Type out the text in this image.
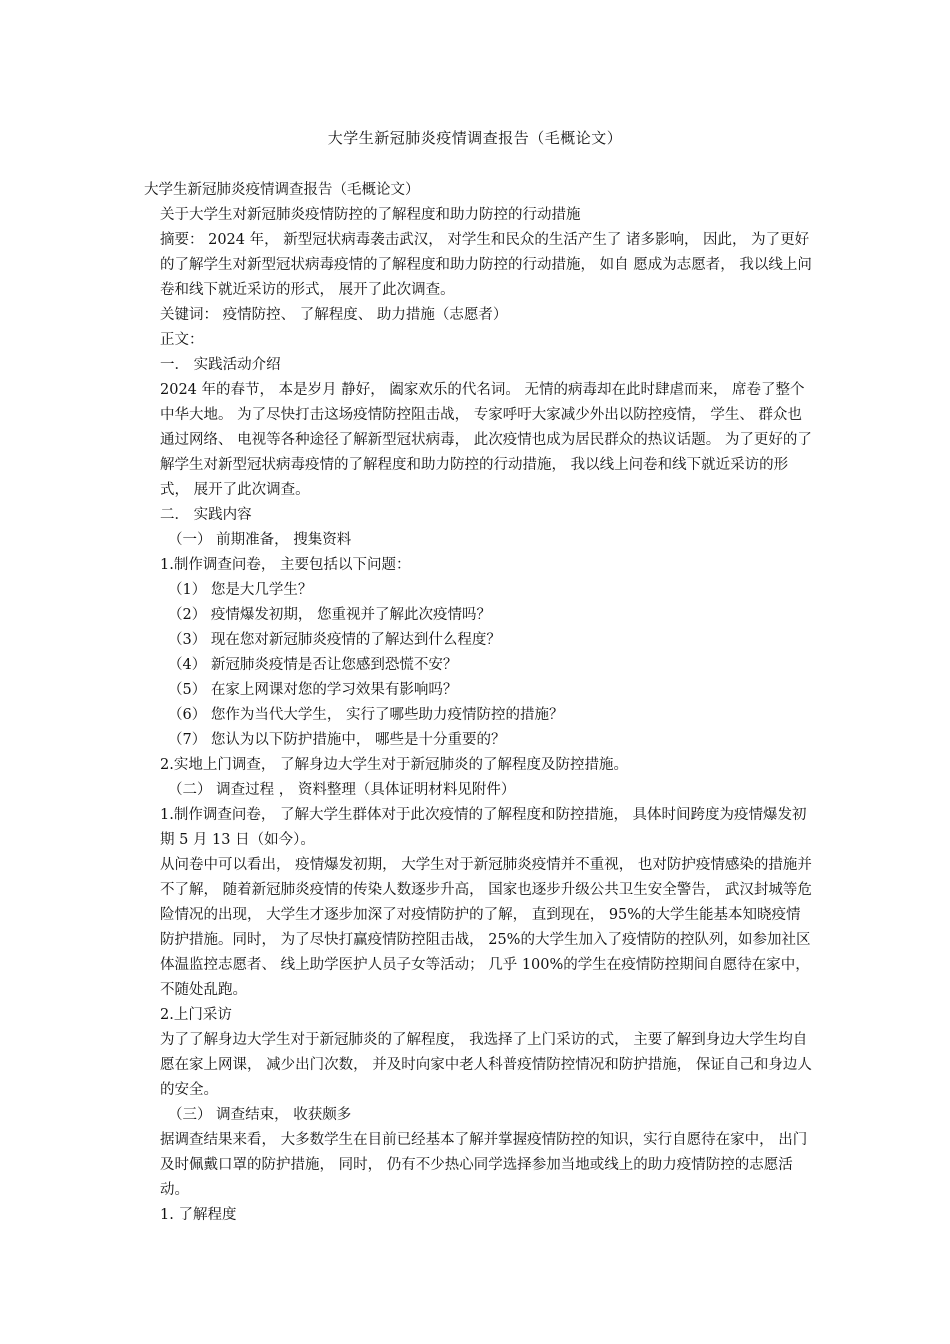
大学生新冠肺炎疫情调查报告（毛概论文）

大学生新冠肺炎疫情调查报告（毛概论文）

关于大学生对新冠肺炎疫情防控的了解程度和助力防控的行动措施

摘要： 2024 年， 新型冠状病毒袭击武汉， 对学生和民众的生活产生了 诸多影响， 因此， 为了更好的了解学生对新型冠状病毒疫情的了解程度和助力防控的行动措施， 如自 愿成为志愿者， 我以线上问卷和线下就近采访的形式， 展开了此次调查。

关键词： 疫情防控、 了解程度、 助力措施（志愿者）

正文：

一． 实践活动介绍

2024 年的春节， 本是岁月 静好， 阖家欢乐的代名词。 无情的病毒却在此时肆虐而来， 席卷了整个中华大地。 为了尽快打击这场疫情防控阻击战， 专家呼吁大家减少外出以防控疫情， 学生、 群众也通过网络、 电视等各种途径了解新型冠状病毒， 此次疫情也成为居民群众的热议话题。 为了更好的了解学生对新型冠状病毒疫情的了解程度和助力防控的行动措施， 我以线上问卷和线下就近采访的形式， 展开了此次调查。

二． 实践内容

（一） 前期准备， 搜集资料

1.制作调查问卷， 主要包括以下问题：

（1） 您是大几学生？

（2） 疫情爆发初期， 您重视并了解此次疫情吗？

（3） 现在您对新冠肺炎疫情的了解达到什么程度？

（4） 新冠肺炎疫情是否让您感到恐慌不安？

（5） 在家上网课对您的学习效果有影响吗？

（6） 您作为当代大学生， 实行了哪些助力疫情防控的措施？

（7） 您认为以下防护措施中， 哪些是十分重要的？

2.实地上门调查， 了解身边大学生对于新冠肺炎的了解程度及防控措施。

（二） 调查过程 ， 资料整理（具体证明材料见附件）

1.制作调查问卷， 了解大学生群体对于此次疫情的了解程度和防控措施， 具体时间跨度为疫情爆发初期 5 月 13 日（如今）。

从问卷中可以看出， 疫情爆发初期， 大学生对于新冠肺炎疫情并不重视， 也对防护疫情感染的措施并不了解， 随着新冠肺炎疫情的传染人数逐步升高， 国家也逐步升级公共卫生安全警告， 武汉封城等危险情况的出现， 大学生才逐步加深了对疫情防护的了解， 直到现在， 95%的大学生能基本知晓疫情防护措施。同时， 为了尽快打赢疫情防控阻击战， 25%的大学生加入了疫情防的控队列，如参加社区体温监控志愿者、 线上助学医护人员子女等活动； 几乎 100%的学生在疫情防控期间自愿待在家中， 不随处乱跑。

2.上门采访

为了了解身边大学生对于新冠肺炎的了解程度， 我选择了上门采访的式， 主要了解到身边大学生均自愿在家上网课， 减少出门次数， 并及时向家中老人科普疫情防控情况和防护措施， 保证自己和身边人的安全。

（三） 调查结束， 收获颇多

据调查结果来看， 大多数学生在目前已经基本了解并掌握疫情防控的知识，实行自愿待在家中， 出门及时佩戴口罩的防护措施， 同时， 仍有不少热心同学选择参加当地或线上的助力疫情防控的志愿活动。

1. 了解程度
